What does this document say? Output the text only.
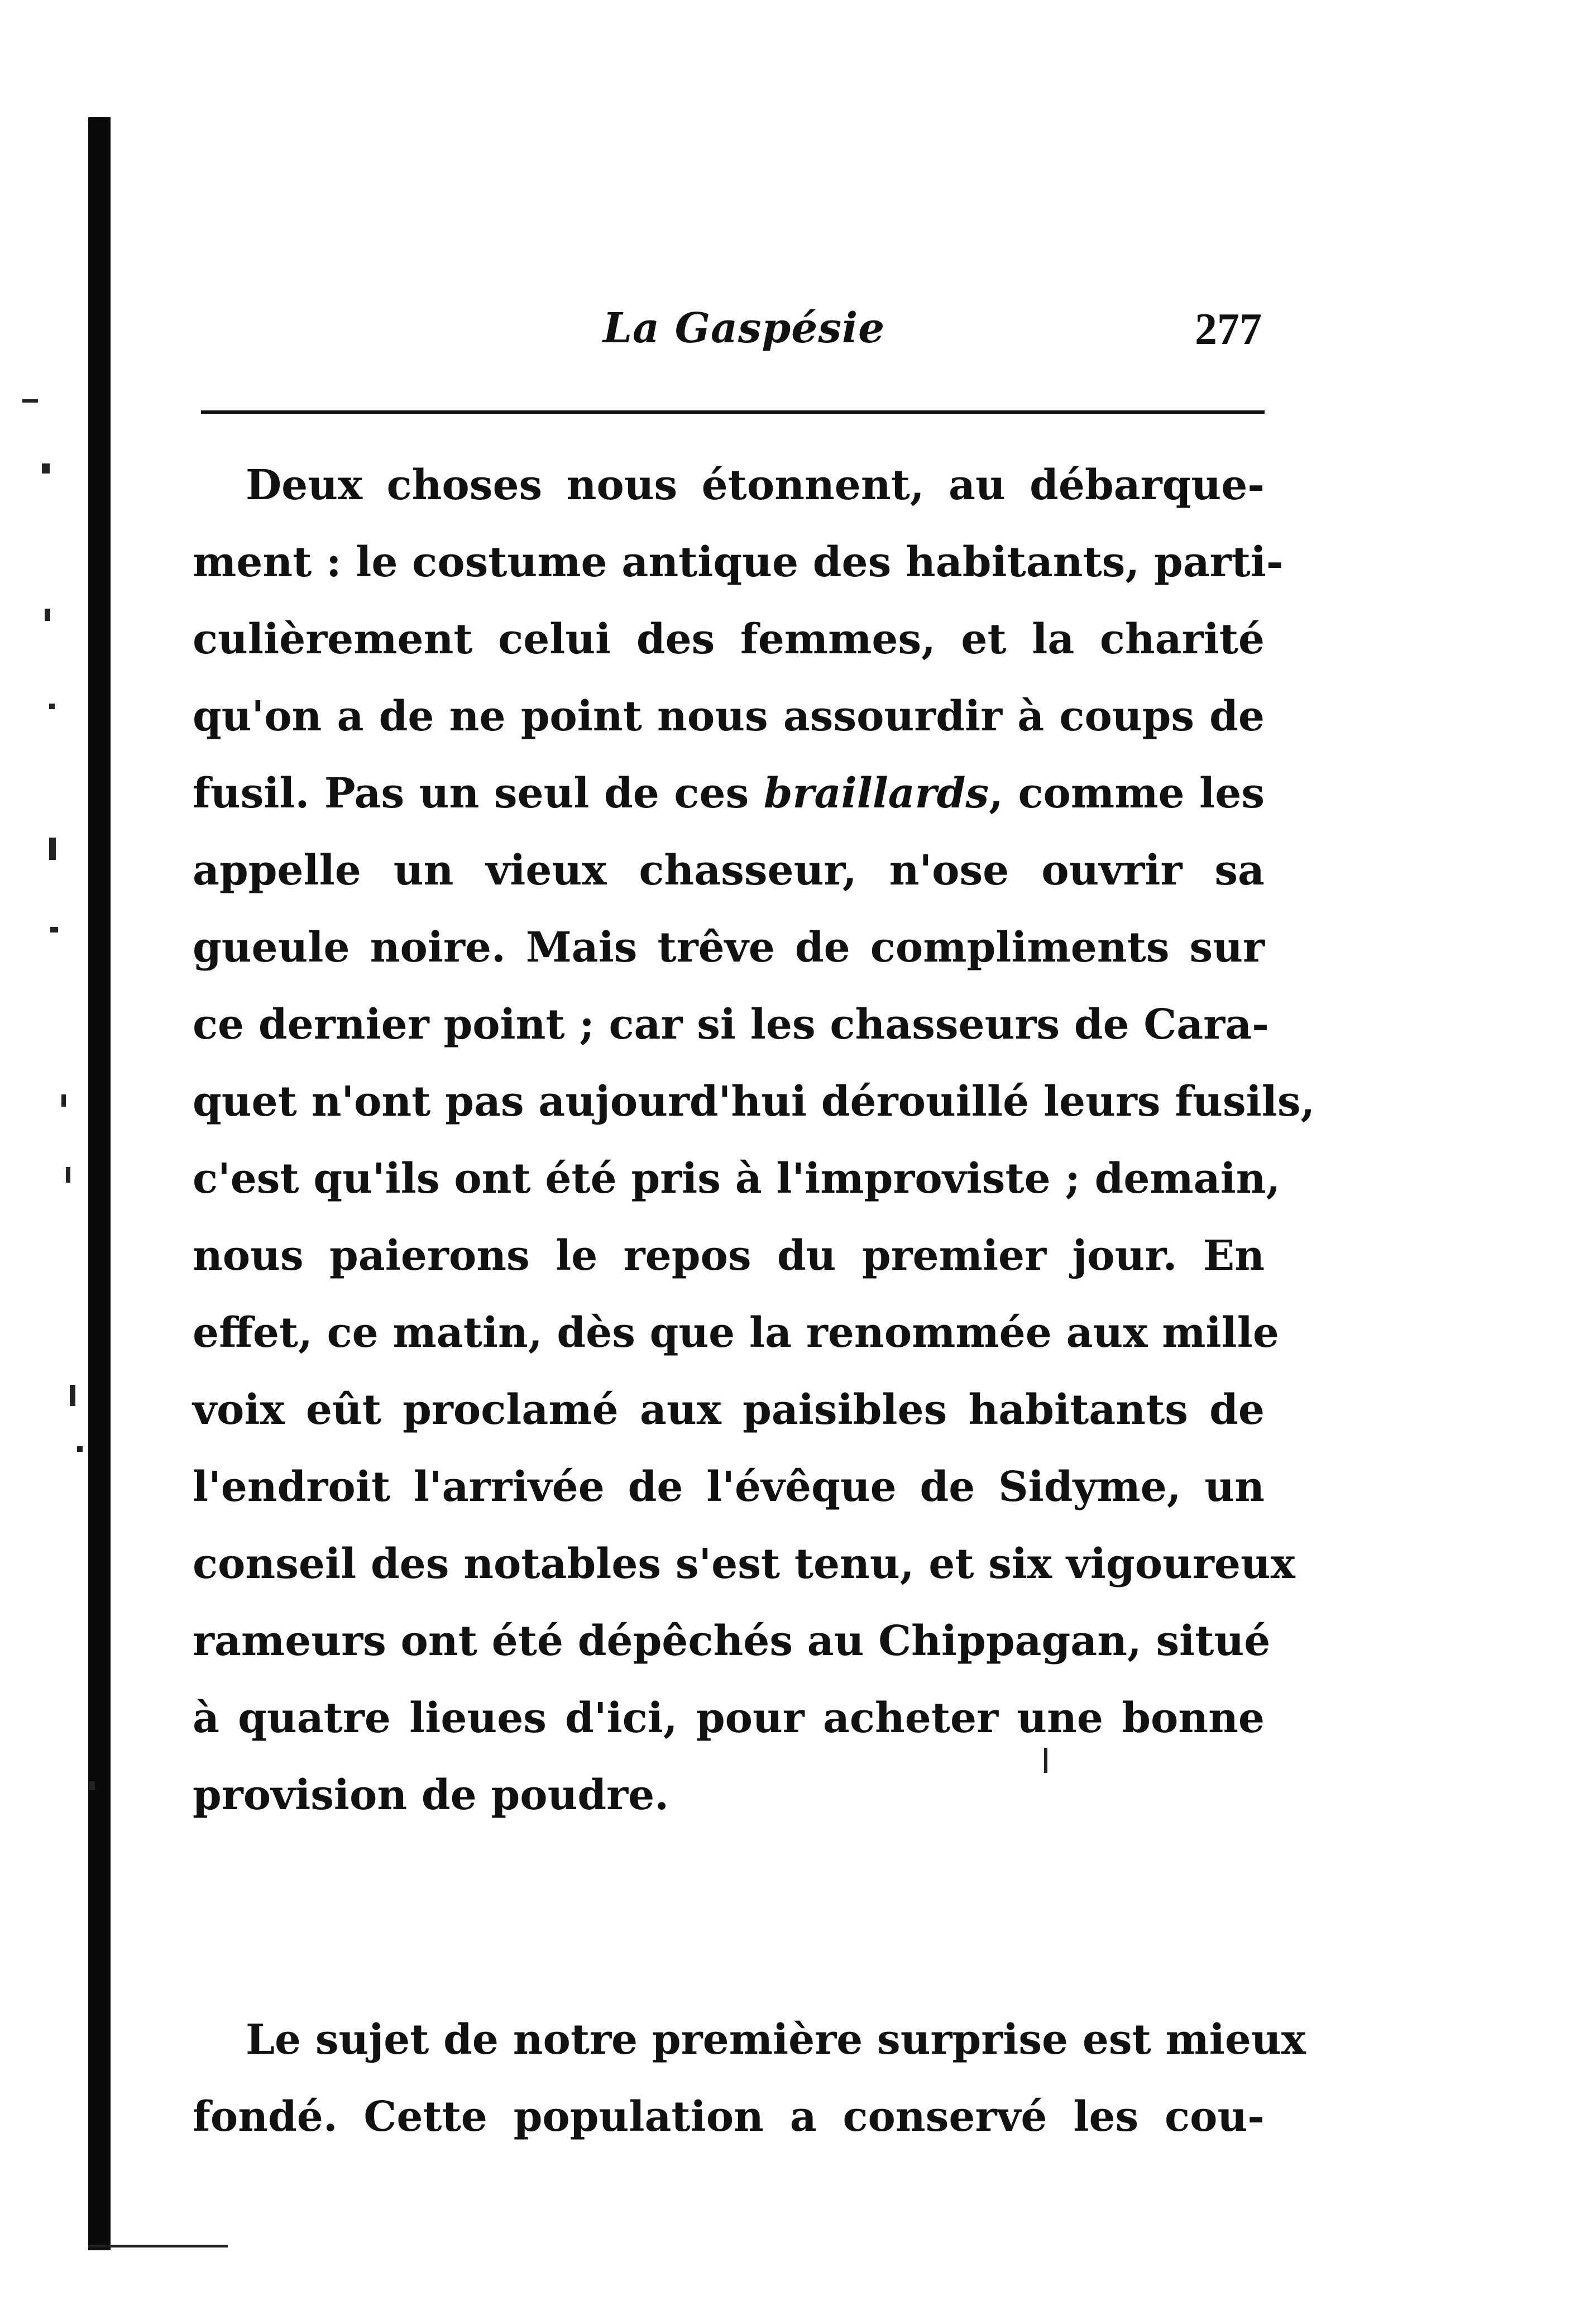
La Gaspésie	277
Deux choses nous étonnent, au débarque-
ment : le costume antique des habitants, parti-
culièrement celui des femmes, et la charité
qu'on a de ne point nous assourdir à coups de
fusil. Pas un seul de ces braillards, comme les
appelle un vieux chasseur, n'ose ouvrir sa
gueule noire. Mais trêve de compliments sur
ce dernier point ; car si les chasseurs de Cara-
quet n'ont pas aujourd'hui dérouillé leurs fusils,
c'est qu'ils ont été pris à l'improviste ; demain,
nous paierons le repos du premier jour. En
effet, ce matin, dès que la renommée aux mille
voix eût proclamé aux paisibles habitants de
l'endroit l'arrivée de l'évêque de Sidyme, un
conseil des notables s'est tenu, et six vigoureux
rameurs ont été dépêchés au Chippagan, situé
à quatre lieues d'ici, pour acheter une bonne
provision de poudre.
Le sujet de notre première surprise est mieux
fondé. Cette population a conservé les cou-
